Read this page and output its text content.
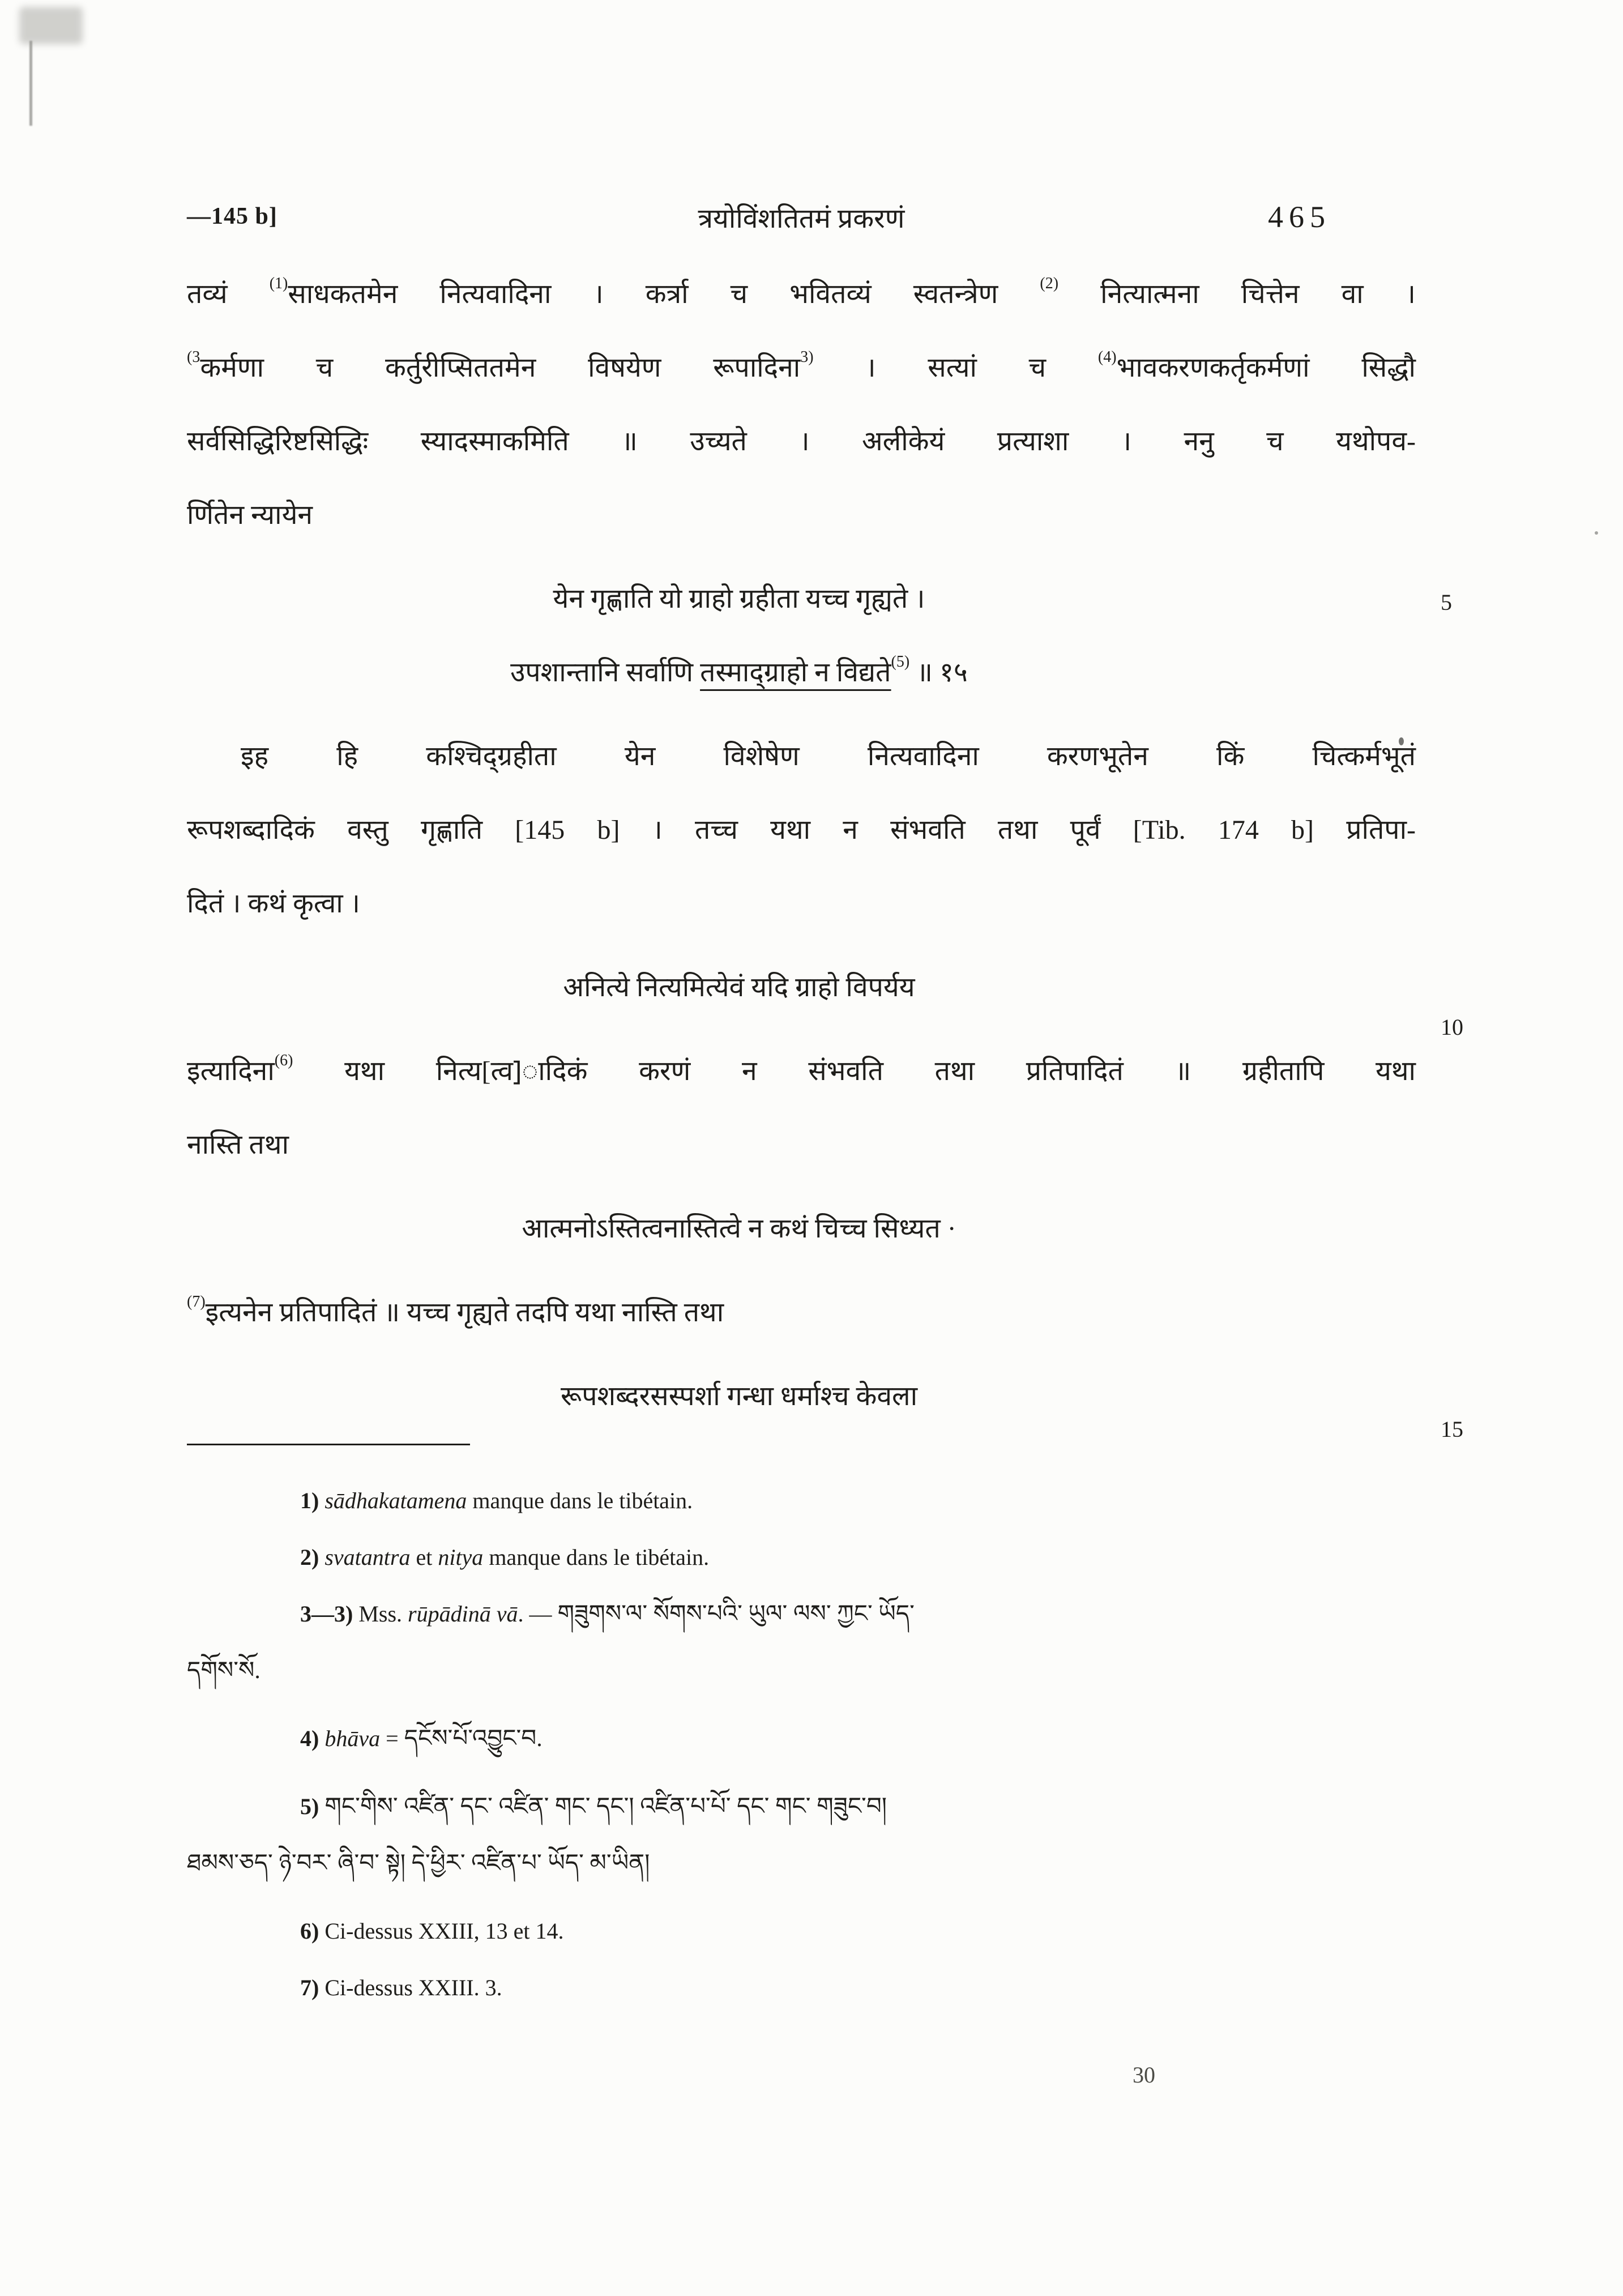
—145 b]	त्रयोविंशतितमं प्रकरणं	465
तव्यं $^{(1)}$साधकतमेन नित्यवादिना । कर्त्रा च भवितव्यं स्वतन्त्रेण $^{(2)}$ नित्यात्मना चित्तेन वा ।
$^{(3}$कर्मणा च कर्तुरीप्सिततमेन विषयेण रूपादिना$^{3)}$ । सत्यां च $^{(4)}$भावकरणकर्तृकर्मणां सिद्धौ
सर्वसिद्धिरिष्टसिद्धिः स्यादस्माकमिति ॥ उच्यते । अलीकेयं प्रत्याशा । ननु च यथोपव-
र्णितेन न्यायेन
येन गृह्णाति यो ग्राहो ग्रहीता यच्च गृह्यते ।
उपशान्तानि सर्वाणि तस्माद्ग्राहो न विद्यते$^{(5)}$ ॥ १५
इह हि कश्चिद्ग्रहीता येन विशेषेण नित्यवादिना करणभूतेन किं चित्कर्मभूतं
रूपशब्दादिकं वस्तु गृह्णाति [145 b] । तच्च यथा न संभवति तथा पूर्वं [Tib. 174 b] प्रतिपा-
दितं । कथं कृत्वा ।
अनित्ये नित्यमित्येवं यदि ग्राहो विपर्यय
इत्यादिना$^{(6)}$ यथा नित्य[त्व]ादिकं करणं न संभवति तथा प्रतिपादितं ॥ ग्रहीतापि यथा
नास्ति तथा
आत्मनोऽस्तित्वनास्तित्वे न कथं चिच्च सिध्यत ·
$^{(7)}$इत्यनेन प्रतिपादितं ॥ यच्च गृह्यते तदपि यथा नास्ति तथा
रूपशब्दरसस्पर्शा गन्धा धर्माश्च केवला
1) sādhakatamena manque dans le tibétain.
2) svatantra et nitya manque dans le tibétain.
3—3) Mss. rūpādinā vā. — གཟུགས་ལ་ སོགས་པའི་ ཡུལ་ ལས་ ཀྱང་ ཡོད་
དགོས་སོ.
4) bhāva = དངོས་པོ་འབྱུང་བ.
5) གང་གིས་ འཛིན་ དང་ འཛིན་ གང་ དང་། འཛིན་པ་པོ་ དང་ གང་ གཟུང་བ།
ཐམས་ཅད་ ཉེ་བར་ ཞི་བ་ སྟེ། དེ་ཕྱིར་ འཛིན་པ་ ཡོད་ མ་ཡིན།
6) Ci-dessus XXIII, 13 et 14.
7) Ci-dessus XXIII. 3.
5
10
15
30
